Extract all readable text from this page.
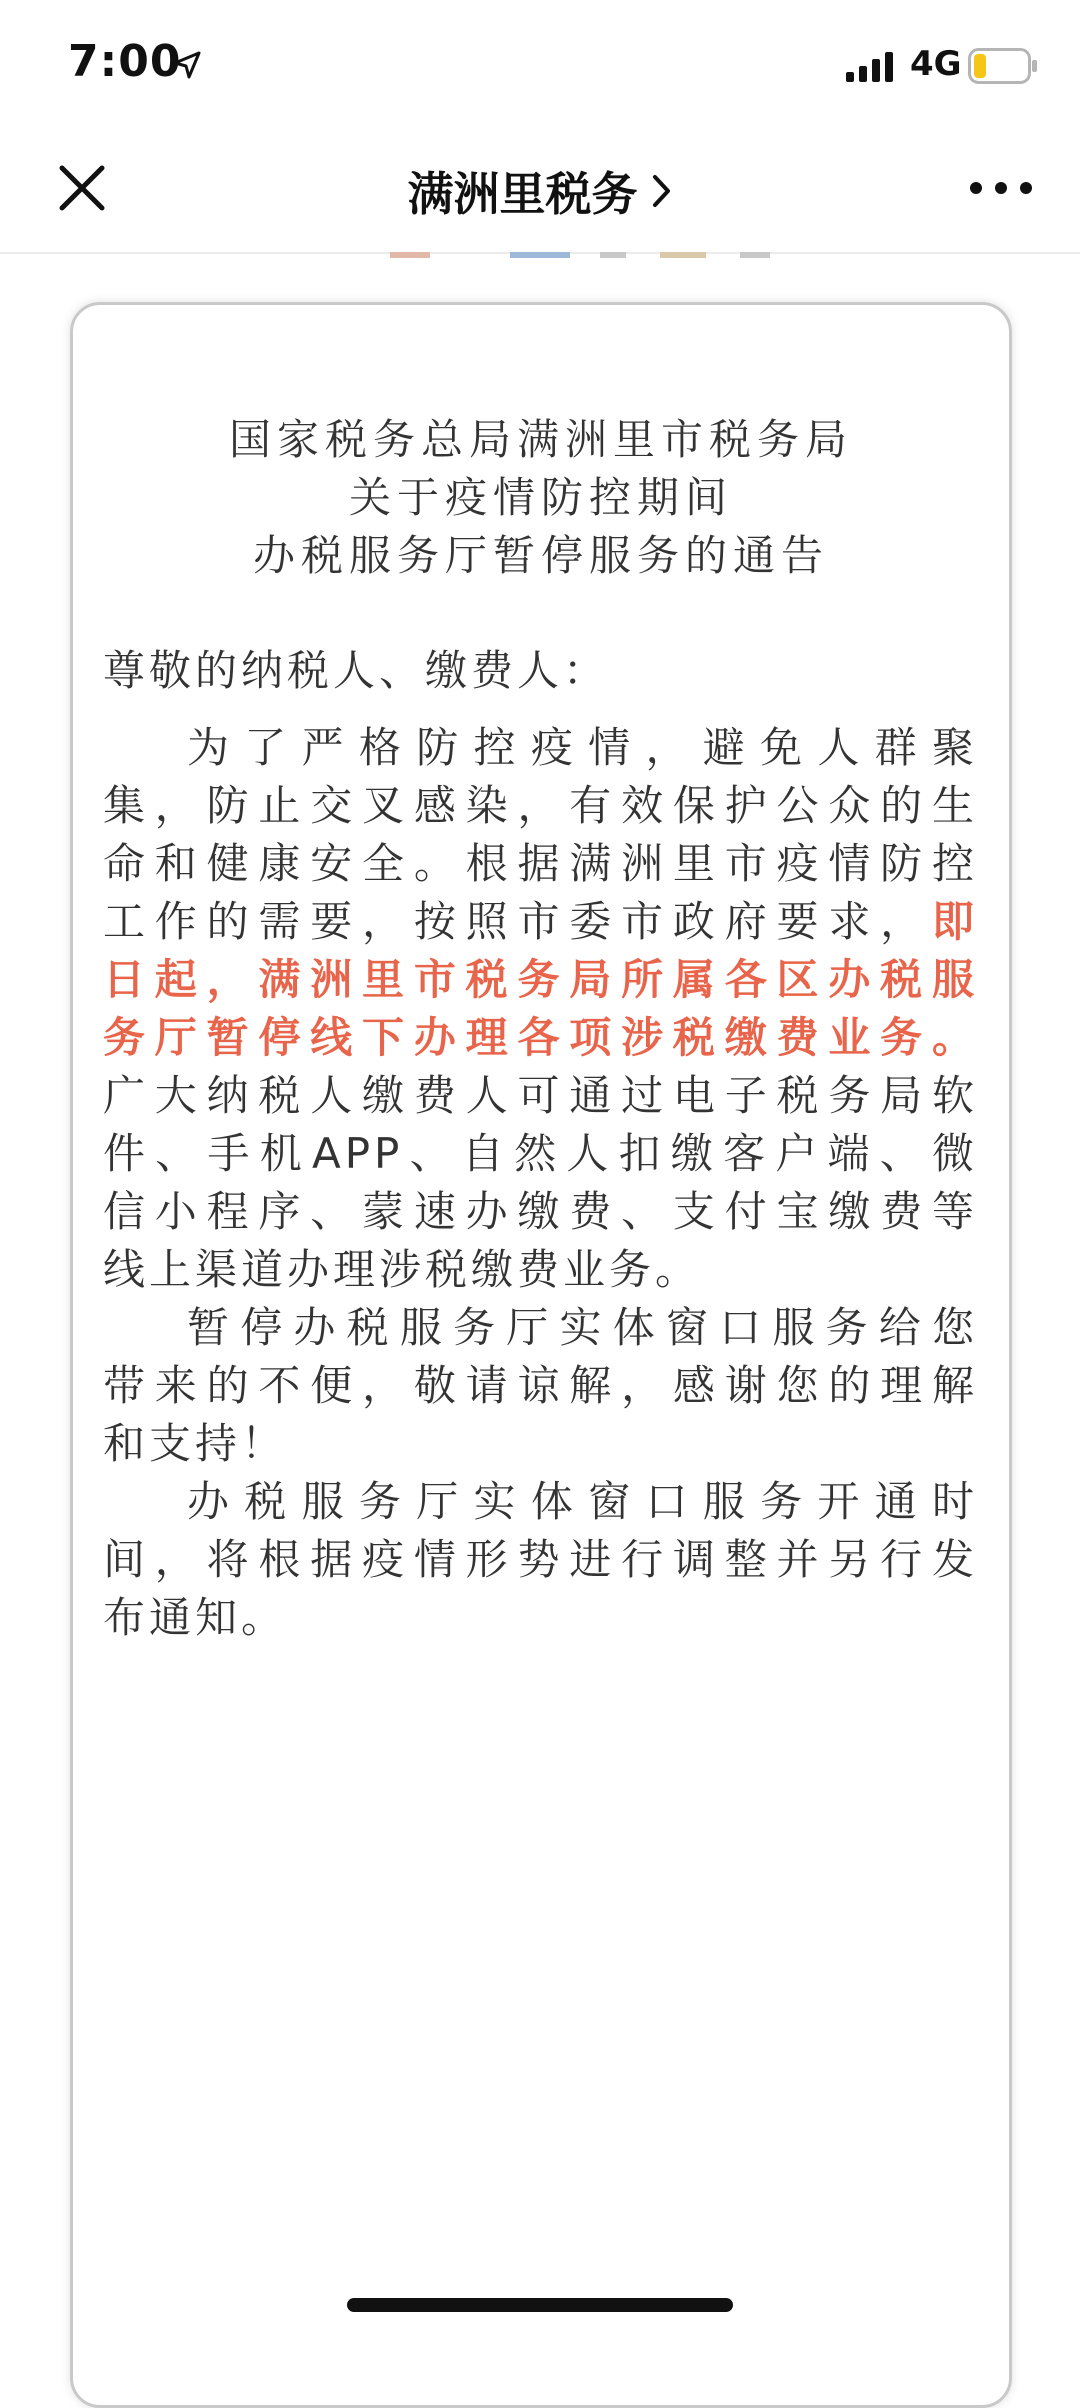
7:00	4G
满洲里税务
国家税务总局满洲里市税务局
关于疫情防控期间
办税服务厅暂停服务的通告
尊敬的纳税人、缴费人：
为了严格防控疫情，避免人群聚
集，防止交叉感染，有效保护公众的生
命和健康安全。根据满洲里市疫情防控
工作的需要，按照市委市政府要求，即
日起，满洲里市税务局所属各区办税服
务厅暂停线下办理各项涉税缴费业务。
广大纳税人缴费人可通过电子税务局软
件、手机APP、自然人扣缴客户端、微
信小程序、蒙速办缴费、支付宝缴费等
线上渠道办理涉税缴费业务。
暂停办税服务厅实体窗口服务给您
带来的不便，敬请谅解，感谢您的理解
和支持！
办税服务厅实体窗口服务开通时
间，将根据疫情形势进行调整并另行发
布通知。
